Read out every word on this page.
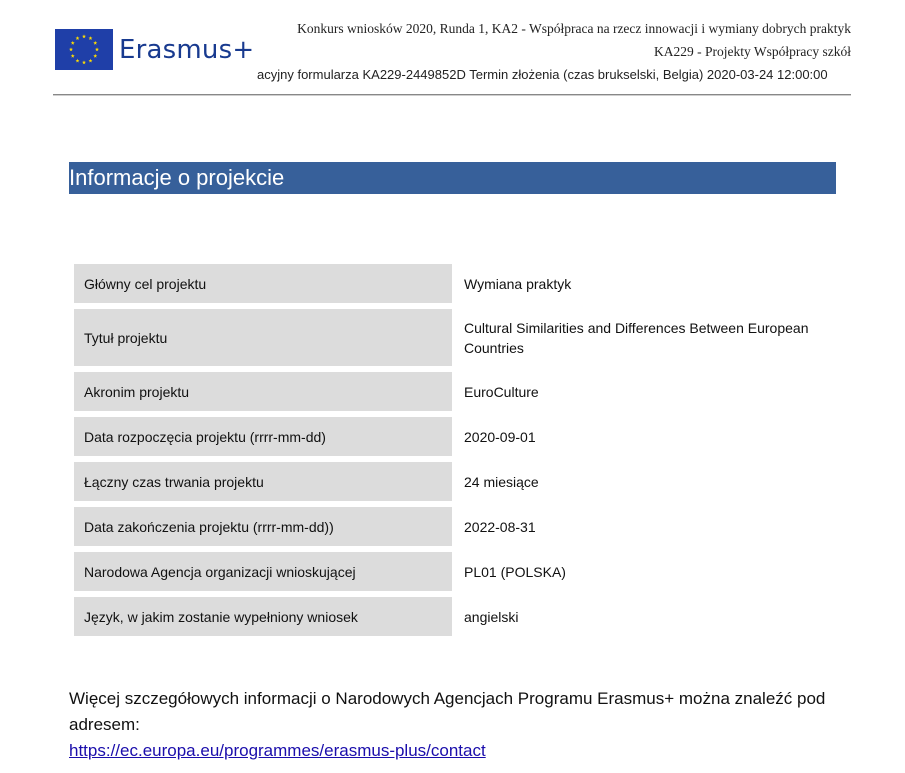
Erasmus+
Konkurs wniosków 2020, Runda 1, KA2 - Współpraca na rzecz innowacji i wymiany dobrych praktyk
KA229 - Projekty Współpracy szkół
acyjny formularza KA229-2449852D Termin złożenia (czas brukselski, Belgia) 2020-03-24 12:00:00
Informacje o projekcie
Główny cel projektu	Wymiana praktyk
Tytuł projektu	Cultural Similarities and Differences Between European Countries
Akronim projektu	EuroCulture
Data rozpoczęcia projektu (rrrr-mm-dd)	2020-09-01
Łączny czas trwania projektu	24 miesiące
Data zakończenia projektu (rrrr-mm-dd))	2022-08-31
Narodowa Agencja organizacji wnioskującej	PL01 (POLSKA)
Język, w jakim zostanie wypełniony wniosek	angielski
Więcej szczegółowych informacji o Narodowych Agencjach Programu Erasmus+ można znaleźć pod adresem:
https://ec.europa.eu/programmes/erasmus-plus/contact
